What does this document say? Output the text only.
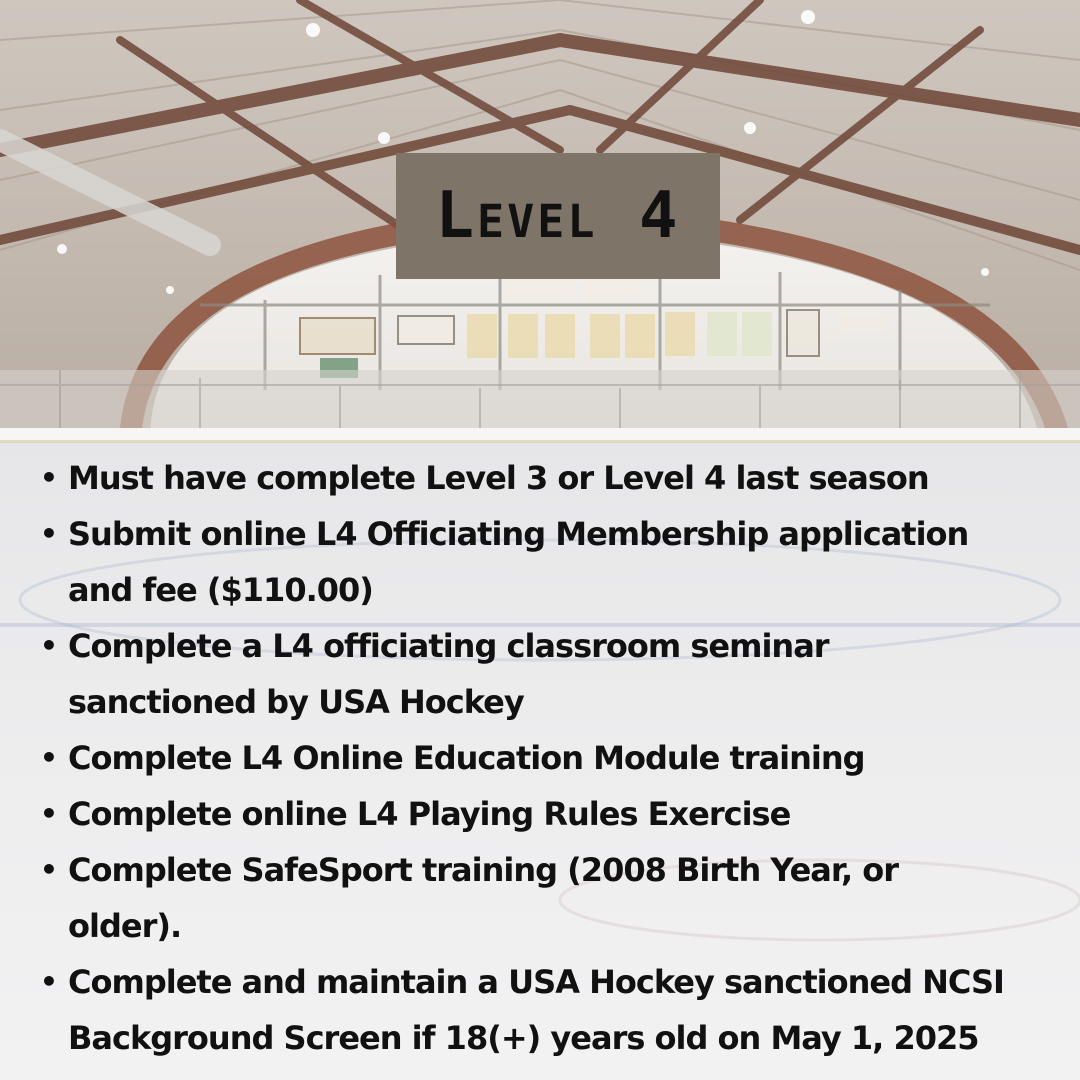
Level 4
• Must have complete Level 3 or Level 4 last season
• Submit online L4 Officiating Membership application
and fee ($110.00)
• Complete a L4 officiating classroom seminar
sanctioned by USA Hockey
• Complete L4 Online Education Module training
• Complete online L4 Playing Rules Exercise
• Complete SafeSport training (2008 Birth Year, or
older).
• Complete and maintain a USA Hockey sanctioned NCSI
Background Screen if 18(+) years old on May 1, 2025
